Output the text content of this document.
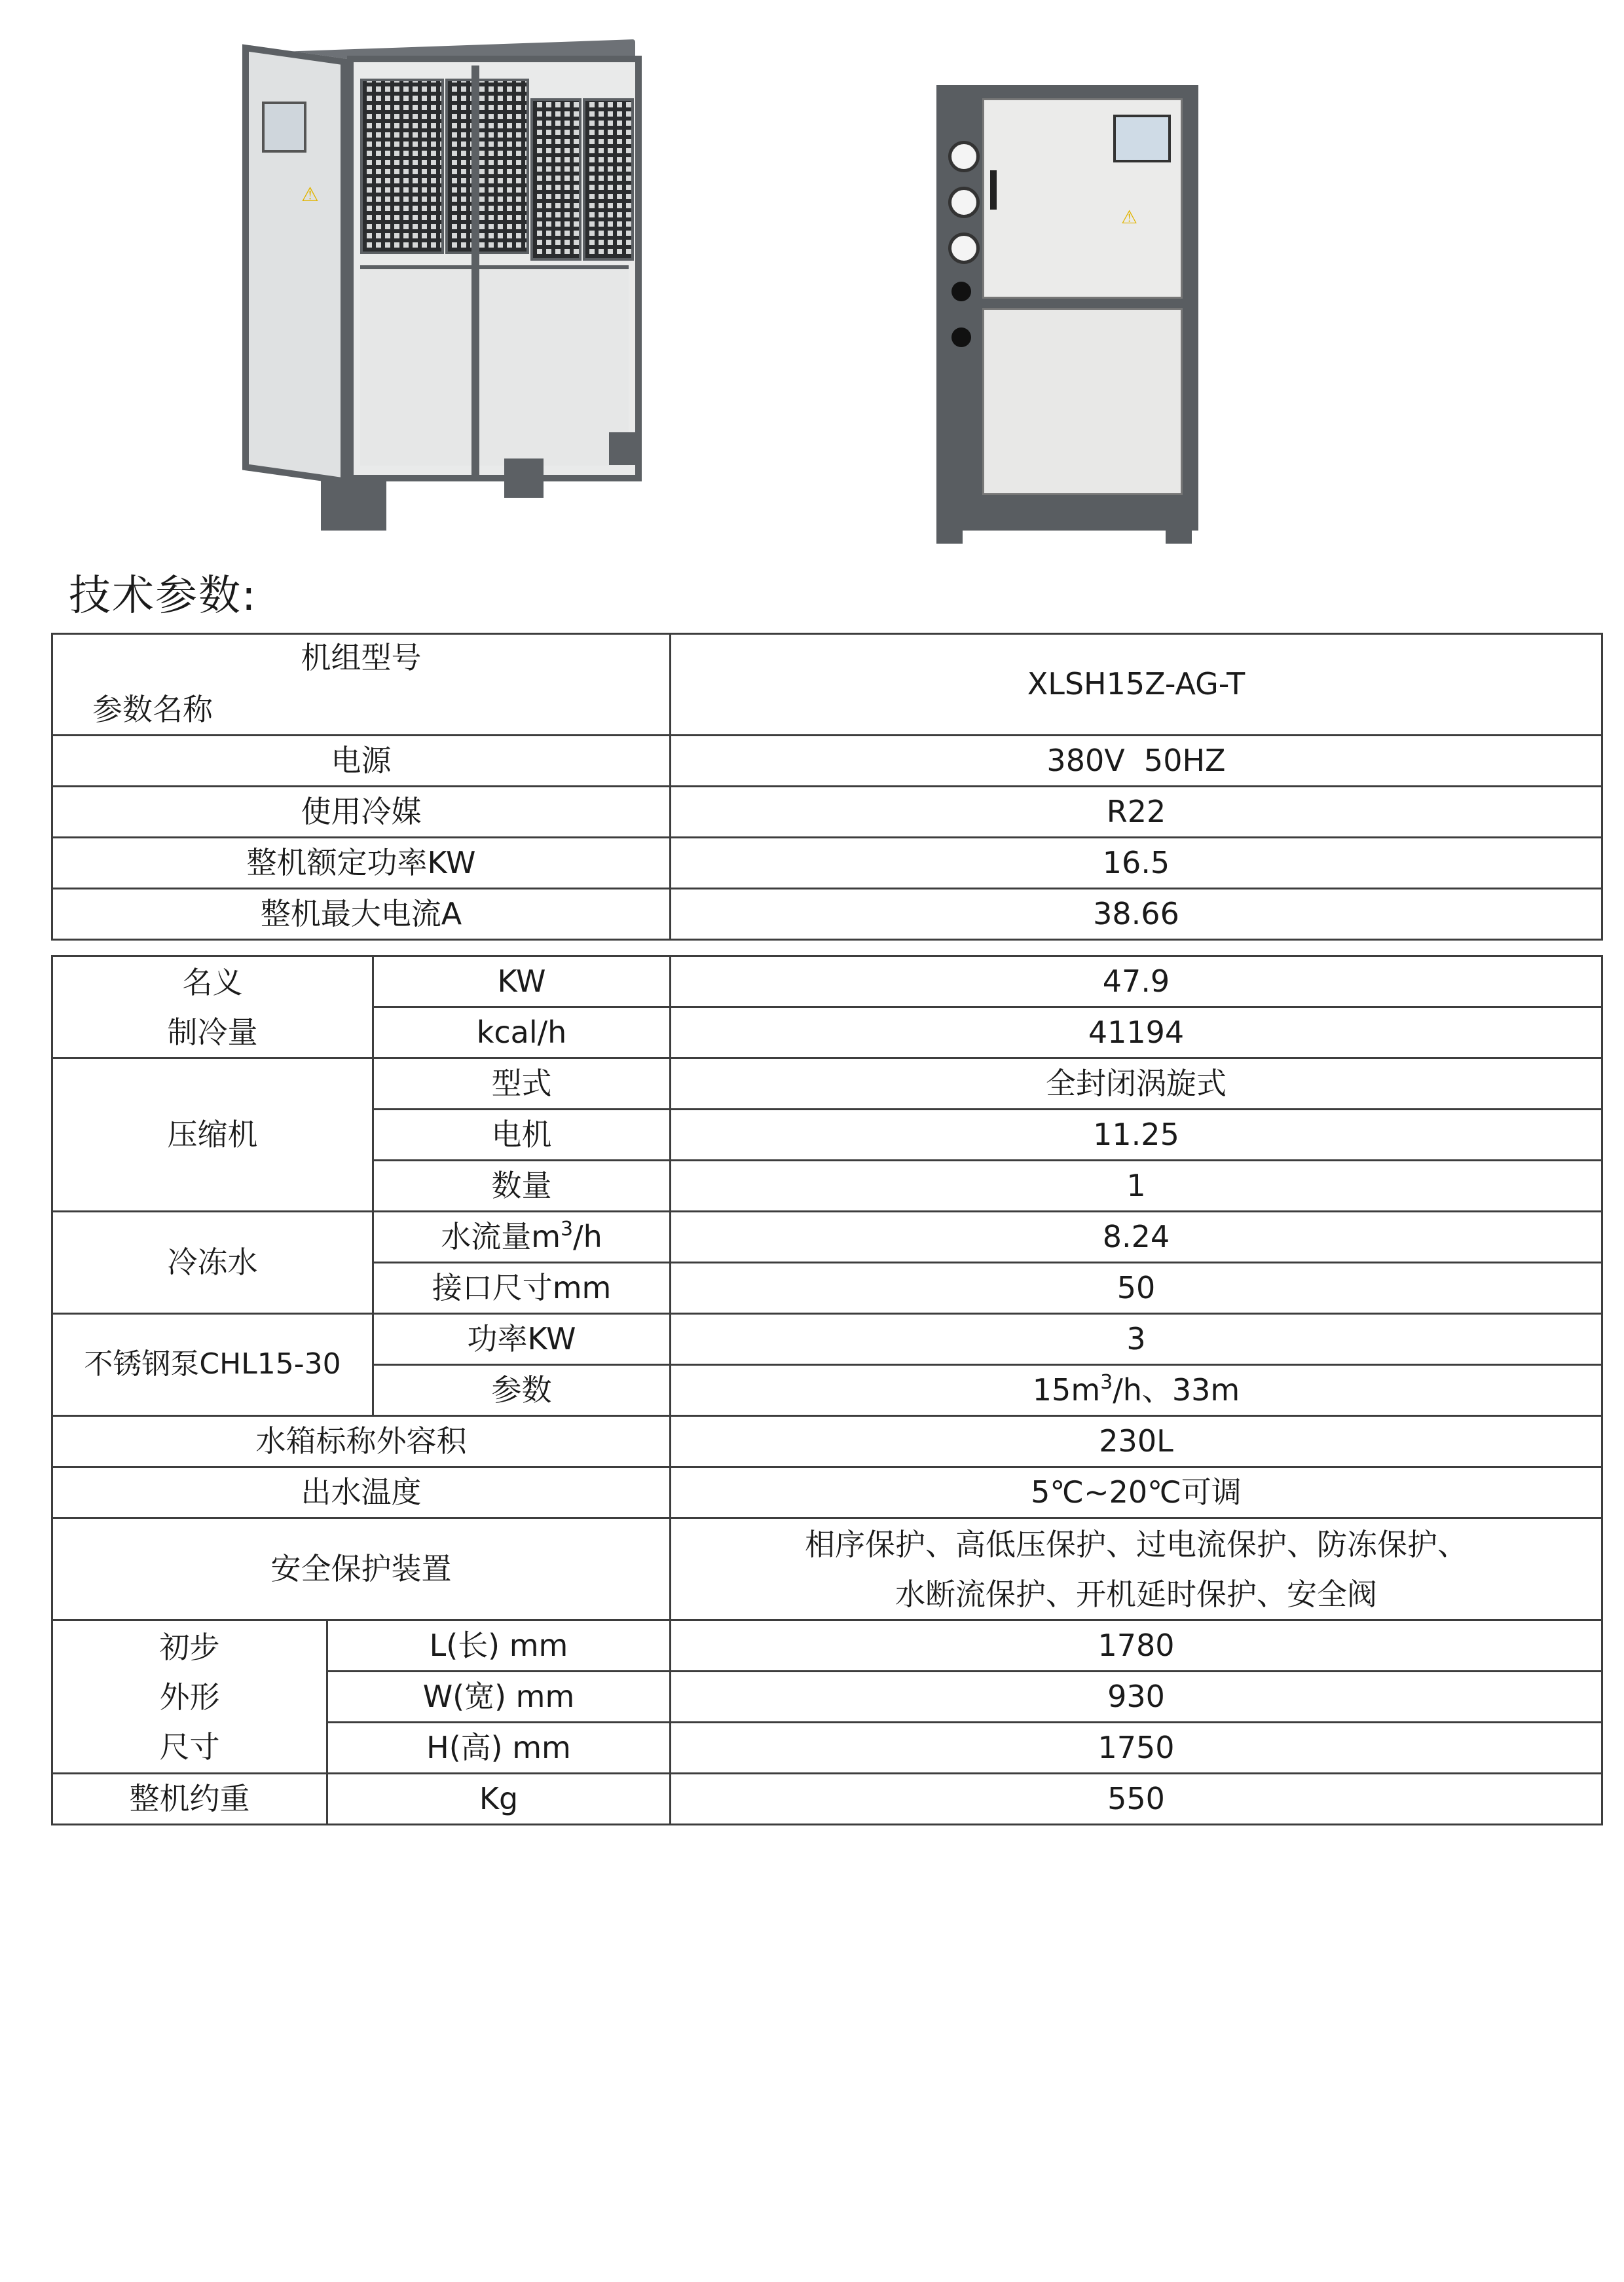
⚠
⚠
技术参数:
机组型号
参数名称	XLSH15Z-AG-T
电源	380V  50HZ
使用冷媒	R22
整机额定功率KW	16.5
整机最大电流A	38.66
名义
制冷量		KW	47.9
		kcal/h	41194
压缩机		型式	全封闭涡旋式
		电机	11.25
		数量	1
冷冻水		水流量$m^3/h$	8.24
		接口尺寸mm	50
不锈钢泵CHL15-30		功率KW	3
		参数	$15m^3/h$、33m
水箱标称外容积			230L
出水温度			5℃~20℃可调
安全保护装置			相序保护、高低压保护、过电流保护、防冻保护、
水断流保护、开机延时保护、安全阀

初步
外形
尺寸	L(长) mm		1780
	W(宽) mm		930
	H(高) mm		1750
整机约重	Kg		550
